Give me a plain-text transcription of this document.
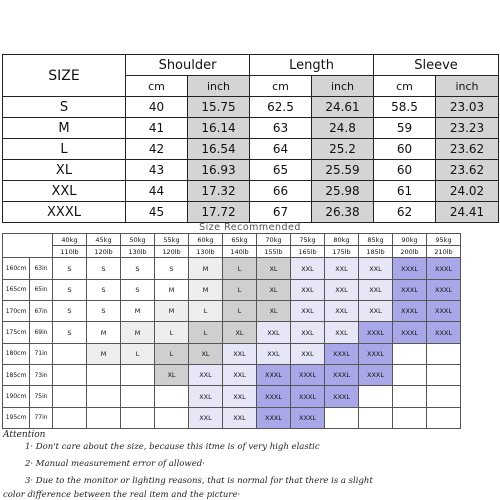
SIZE	Shoulder		Length		Sleeve	
	cm	inch	cm	inch	cm	inch
S	40	15.75	62.5	24.61	58.5	23.03
M	41	16.14	63	24.8	59	23.23
L	42	16.54	64	25.2	60	23.62
XL	43	16.93	65	25.59	60	23.62
XXL	44	17.32	66	25.98	61	24.02
XXXL	45	17.72	67	26.38	62	24.41
Size Recommended
		40kg	45kg	50kg	55kg	60kg	65kg	70kg	75kg	80kg	85kg	90kg	95kg
		110lb	120lb	130lb	120lb	130lb	140lb	155lb	165lb	175lb	185lb	200lb	210lb
160cm	63in	S	S	S	S	M	L	XL	XXL	XXL	XXL	XXXL	XXXL
165cm	65in	S	S	S	M	M	L	XL	XXL	XXL	XXL	XXXL	XXXL
170cm	67in	S	S	M	M	L	L	XL	XXL	XXL	XXL	XXXL	XXXL
175cm	69in	S	M	M	L	L	XL	XXL	XXL	XXL	XXXL	XXXL	XXXL
180cm	71in		M	L	L	XL	XXL	XXL	XXL	XXXL	XXXL		
185cm	73in				XL	XXL	XXL	XXXL	XXXL	XXXL	XXXL		
190cm	75in					XXL	XXL	XXXL	XXXL	XXXL			
195cm	77in					XXL	XXL	XXXL	XXXL				
Attention
1· Don't care about the size, because this itme is of very high elastic
2· Manual measurement error of allowed·
3· Due to the monitor or lighting reasons, that is normal for that there is a slight
color difference between the real item and the picture·
